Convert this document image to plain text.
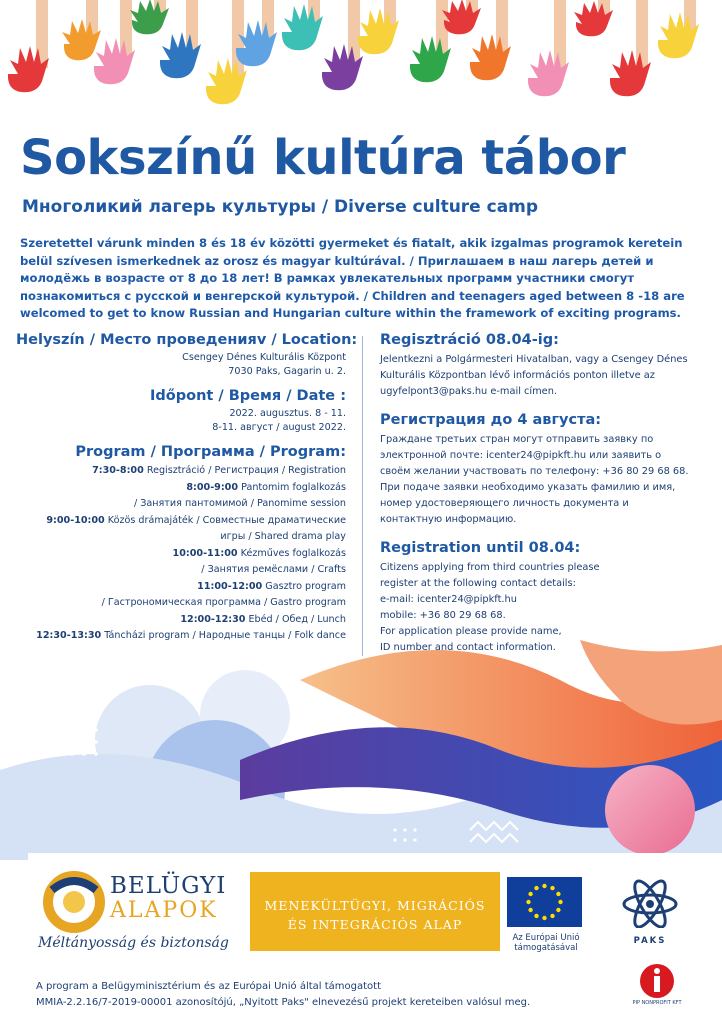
Sokszínű kultúra tábor
Многоликий лагерь культуры / Diverse culture camp

Szeretettel várunk minden 8 és 18 év közötti gyermeket és fiatalt, akik izgalmas programok keretein belül szívesen ismerkednek az orosz és magyar kultúrával. / Приглашаем в наш лагерь детей и молодёжь в возрасте от 8 до 18 лет! В рамках увлекательных программ участники смогут познакомиться с русской и венгерской культурой. / Children and teenagers aged between 8 -18 are welcomed to get to know Russian and Hungarian culture within the framework of exciting programs.

Helyszín / Место проведенияv / Location:
Csengey Dénes Kulturális Központ
7030 Paks, Gagarin u. 2.
Időpont / Время / Date :
2022. augusztus. 8 - 11.
8-11. август / august 2022.
Program / Программа / Program:
7:30-8:00 Regisztráció / Регистрация / Registration
8:00-9:00 Pantomim foglalkozás
/ Занятия пантомимой / Panomime session
9:00-10:00 Közös drámajáték / Совместные драматические
игры / Shared drama play
10:00-11:00 Kézműves foglalkozás
/ Занятия ремёслами / Crafts
11:00-12:00 Gasztro program
/ Гастрономическая программа / Gastro program
12:00-12:30 Ebéd / Обед / Lunch
12:30-13:30 Táncházi program / Народные танцы / Folk dance
Regisztráció 08.04-ig:
Jelentkezni a Polgármesteri Hivatalban, vagy a Csengey Dénes
Kulturális Központban lévő információs ponton illetve az
ugyfelpont3@paks.hu e-mail címen.
Регистрация до 4 августа:
Граждане третьих стран могут отправить заявку по
электронной почте: icenter24@pipkft.hu или заявить о
своём желании участвовать по телефону: +36 80 29 68 68.
При подаче заявки необходимо указать фамилию и имя,
номер удостоверяющего личность документа и
контактную информацию.
Registration until 08.04:
Citizens applying from third countries please
register at the following contact details:
e-mail: icenter24@pipkft.hu
mobile: +36 80 29 68 68.
For application please provide name,
ID number and contact information.
BELÜGYI
ALAPOK
Méltányosság és biztonság
MENEKÜLTÜGYI, MIGRÁCIÓS
ÉS INTEGRÁCIÓS ALAP
Az Európai Unió
támogatásával
PAKS
PIP NONPROFIT KFT
A program a Belügyminisztérium és az Európai Unió által támogatott
MMIA-2.2.16/7-2019-00001 azonosítójú, „Nyitott Paks" elnevezésű projekt kereteiben valósul meg.
